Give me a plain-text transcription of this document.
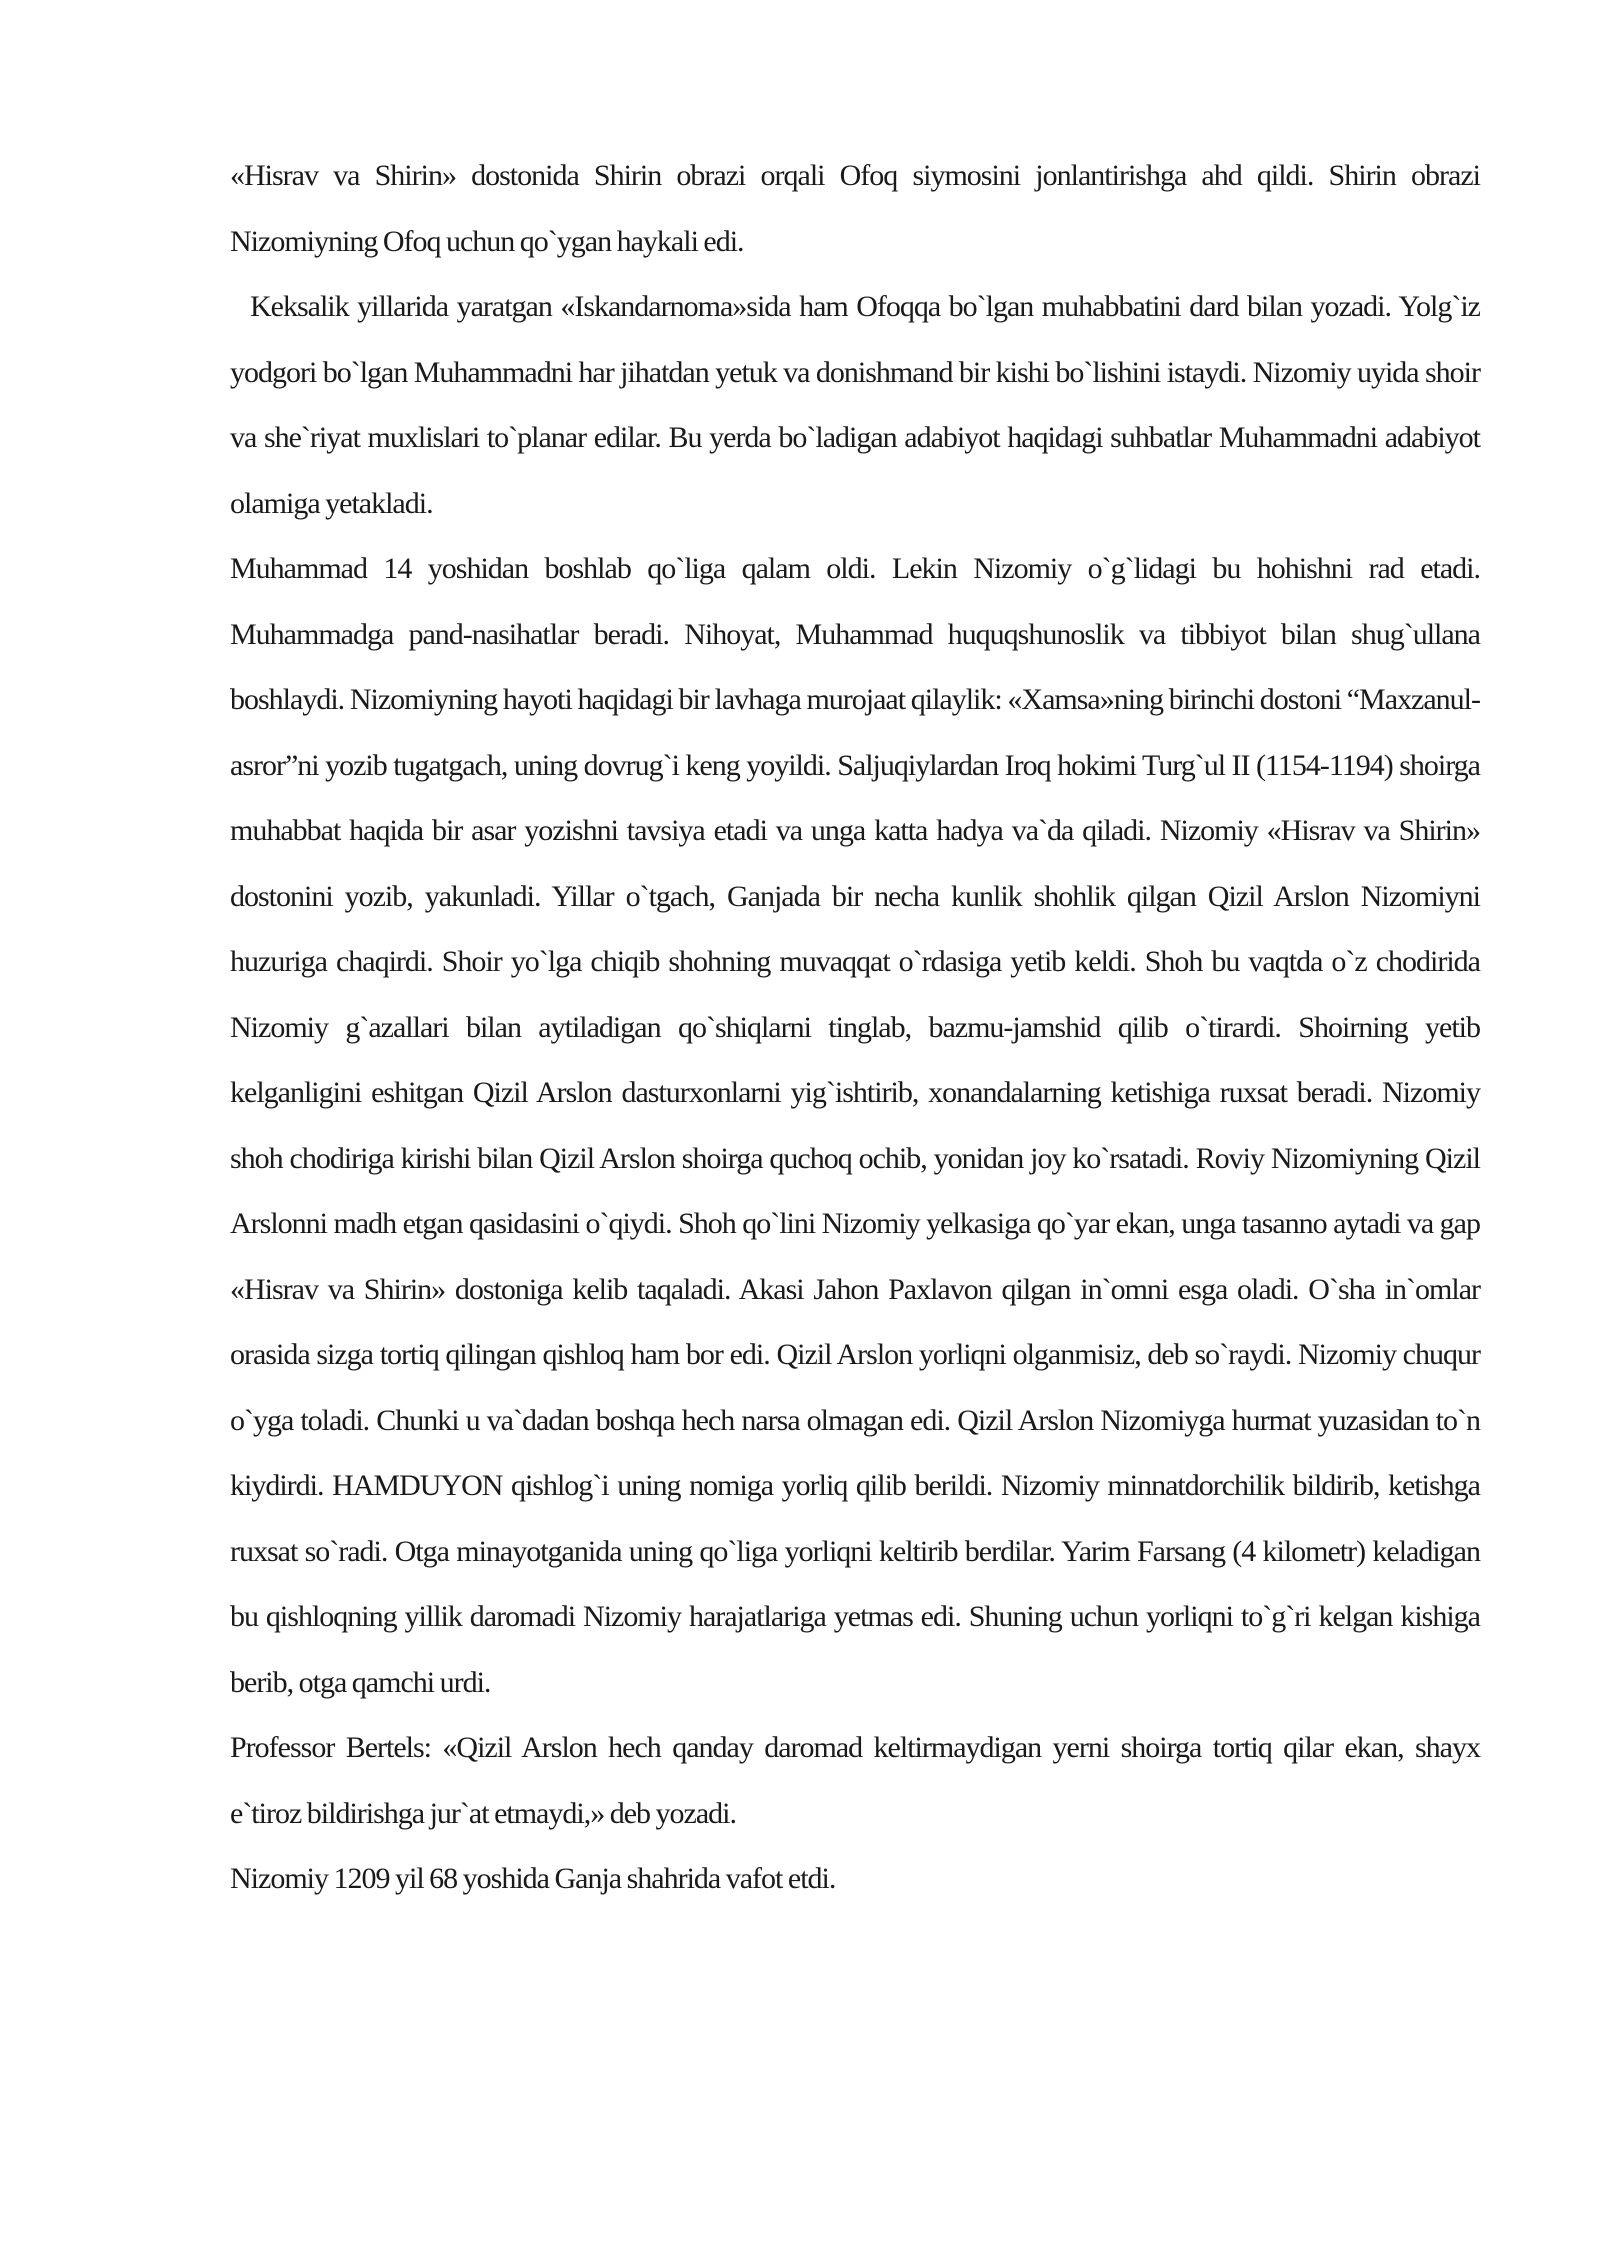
«Hisrav va Shirin» dostonida Shirin obrazi orqali Ofoq siymosini jonlantirishga ahd qildi. Shirin obrazi Nizomiyning Ofoq uchun qo`ygan haykali edi.

Keksalik yillarida yaratgan «Iskandarnoma»sida ham Ofoqqa bo`lgan muhabbatini dard bilan yozadi. Yolg`iz yodgori bo`lgan Muhammadni har jihatdan yetuk va donishmand bir kishi bo`lishini istaydi. Nizomiy uyida shoir va she`riyat muxlislari to`planar edilar. Bu yerda bo`ladigan adabiyot haqidagi suhbatlar Muhammadni adabiyot olamiga yetakladi.

Muhammad 14 yoshidan boshlab qo`liga qalam oldi. Lekin Nizomiy o`g`lidagi bu hohishni rad etadi. Muhammadga pand-nasihatlar beradi. Nihoyat, Muhammad huquqshunoslik va tibbiyot bilan shug`ullana boshlaydi. Nizomiyning hayoti haqidagi bir lavhaga murojaat qilaylik: «Xamsa»ning birinchi dostoni “Maxzanul-asror”ni yozib tugatgach, uning dovrug`i keng yoyildi. Saljuqiylardan Iroq hokimi Turg`ul II (1154-1194) shoirga muhabbat haqida bir asar yozishni tavsiya etadi va unga katta hadya va`da qiladi. Nizomiy «Hisrav va Shirin» dostonini yozib, yakunladi. Yillar o`tgach, Ganjada bir necha kunlik shohlik qilgan Qizil Arslon Nizomiyni huzuriga chaqirdi. Shoir yo`lga chiqib shohning muvaqqat o`rdasiga yetib keldi. Shoh bu vaqtda o`z chodirida Nizomiy g`azallari bilan aytiladigan qo`shiqlarni tinglab, bazmu-jamshid qilib o`tirardi. Shoirning yetib kelganligini eshitgan Qizil Arslon dasturxonlarni yig`ishtirib, xonandalarning ketishiga ruxsat beradi. Nizomiy shoh chodiriga kirishi bilan Qizil Arslon shoirga quchoq ochib, yonidan joy ko`rsatadi. Roviy Nizomiyning Qizil Arslonni madh etgan qasidasini o`qiydi. Shoh qo`lini Nizomiy yelkasiga qo`yar ekan, unga tasanno aytadi va gap «Hisrav va Shirin» dostoniga kelib taqaladi. Akasi Jahon Paxlavon qilgan in`omni esga oladi. O`sha in`omlar orasida sizga tortiq qilingan qishloq ham bor edi. Qizil Arslon yorliqni olganmisiz, deb so`raydi. Nizomiy chuqur o`yga toladi. Chunki u va`dadan boshqa hech narsa olmagan edi. Qizil Arslon Nizomiyga hurmat yuzasidan to`n kiydirdi. HAMDUYON qishlog`i uning nomiga yorliq qilib berildi. Nizomiy minnatdorchilik bildirib, ketishga ruxsat so`radi. Otga minayotganida uning qo`liga yorliqni keltirib berdilar. Yarim Farsang (4 kilometr) keladigan bu qishloqning yillik daromadi Nizomiy harajatlariga yetmas edi. Shuning uchun yorliqni to`g`ri kelgan kishiga berib, otga qamchi urdi.

Professor Bertels: «Qizil Arslon hech qanday daromad keltirmaydigan yerni shoirga tortiq qilar ekan, shayx e`tiroz bildirishga jur`at etmaydi,» deb yozadi.

Nizomiy 1209 yil 68 yoshida Ganja shahrida vafot etdi.
